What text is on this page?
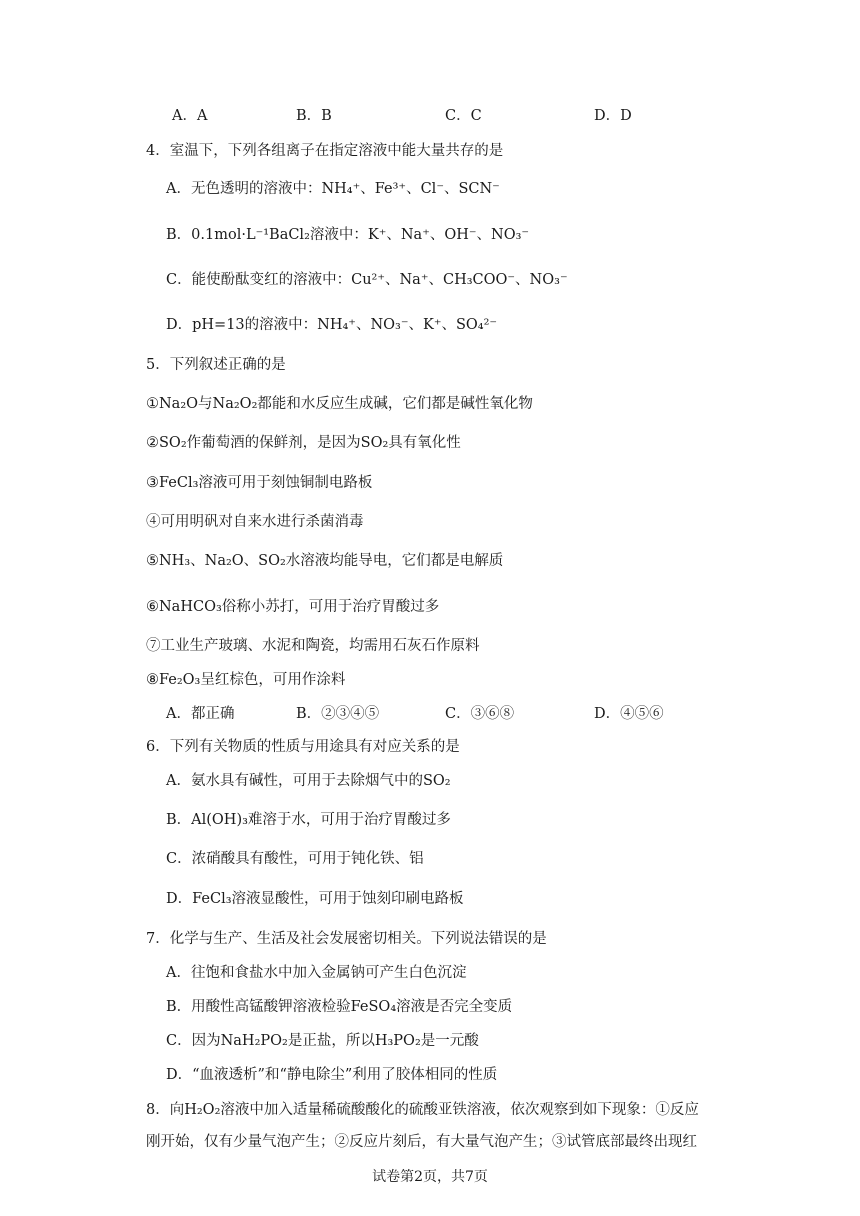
A．A	B．B	C．C	D．D
4．室温下，下列各组离子在指定溶液中能大量共存的是
A．无色透明的溶液中：NH₄⁺、Fe³⁺、Cl⁻、SCN⁻
B．0.1mol·L⁻¹BaCl₂溶液中：K⁺、Na⁺、OH⁻、NO₃⁻
C．能使酚酞变红的溶液中：Cu²⁺、Na⁺、CH₃COO⁻、NO₃⁻
D．pH=13的溶液中：NH₄⁺、NO₃⁻、K⁺、SO₄²⁻
5．下列叙述正确的是
①Na₂O与Na₂O₂都能和水反应生成碱，它们都是碱性氧化物
②SO₂作葡萄酒的保鲜剂，是因为SO₂具有氧化性
③FeCl₃溶液可用于刻蚀铜制电路板
④可用明矾对自来水进行杀菌消毒
⑤NH₃、Na₂O、SO₂水溶液均能导电，它们都是电解质
⑥NaHCO₃俗称小苏打，可用于治疗胃酸过多
⑦工业生产玻璃、水泥和陶瓷，均需用石灰石作原料
⑧Fe₂O₃呈红棕色，可用作涂料
A．都正确	B．②③④⑤	C．③⑥⑧	D．④⑤⑥
6．下列有关物质的性质与用途具有对应关系的是
A．氨水具有碱性，可用于去除烟气中的SO₂
B．Al(OH)₃难溶于水，可用于治疗胃酸过多
C．浓硝酸具有酸性，可用于钝化铁、铝
D．FeCl₃溶液显酸性，可用于蚀刻印刷电路板
7．化学与生产、生活及社会发展密切相关。下列说法错误的是
A．往饱和食盐水中加入金属钠可产生白色沉淀
B．用酸性高锰酸钾溶液检验FeSO₄溶液是否完全变质
C．因为NaH₂PO₂是正盐，所以H₃PO₂是一元酸
D．“血液透析”和“静电除尘”利用了胶体相同的性质
8．向H₂O₂溶液中加入适量稀硫酸酸化的硫酸亚铁溶液，依次观察到如下现象：①反应
刚开始，仅有少量气泡产生；②反应片刻后，有大量气泡产生；③试管底部最终出现红
试卷第2页，共7页
